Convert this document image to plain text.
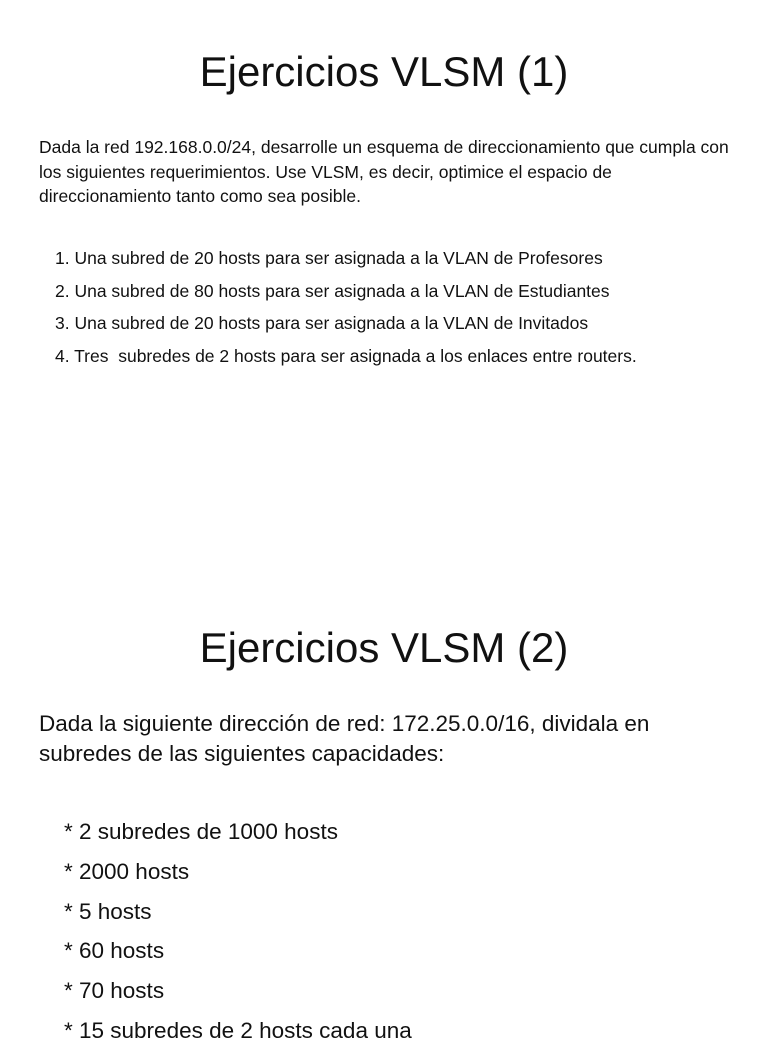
Ejercicios VLSM (1)

Dada la red 192.168.0.0/24, desarrolle un esquema de direccionamiento que cumpla con los siguientes requerimientos. Use VLSM, es decir, optimice el espacio de direccionamiento tanto como sea posible.

1. Una subred de 20 hosts para ser asignada a la VLAN de Profesores
2. Una subred de 80 hosts para ser asignada a la VLAN de Estudiantes
3. Una subred de 20 hosts para ser asignada a la VLAN de Invitados
4. Tres  subredes de 2 hosts para ser asignada a los enlaces entre routers.
Ejercicios VLSM (2)

Dada la siguiente dirección de red: 172.25.0.0/16, dividala en subredes de las siguientes capacidades:

* 2 subredes de 1000 hosts
* 2000 hosts
* 5 hosts
* 60 hosts
* 70 hosts
* 15 subredes de 2 hosts cada una
